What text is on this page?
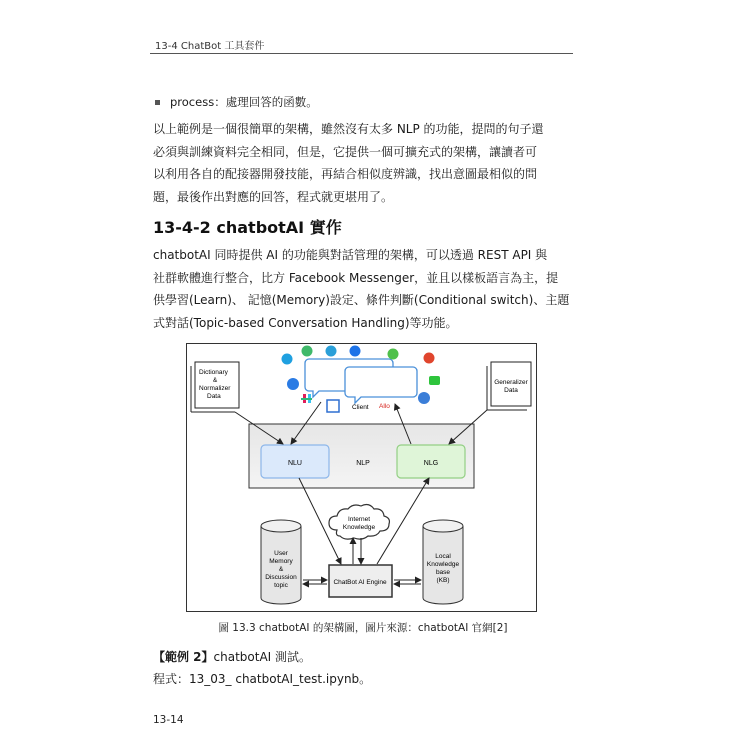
13-4 ChatBot 工具套件
process：處理回答的函數。
以上範例是一個很簡單的架構，雖然沒有太多 NLP 的功能，提問的句子還
必須與訓練資料完全相同，但是，它提供一個可擴充式的架構，讓讀者可
以利用各自的配接器開發技能，再結合相似度辨識，找出意圖最相似的問
題，最後作出對應的回答，程式就更堪用了。
13-4-2 chatbotAI 實作
chatbotAI 同時提供 AI 的功能與對話管理的架構，可以透過 REST API 與
社群軟體進行整合，比方 Facebook Messenger，並且以樣板語言為主，提
供學習(Learn)、 記憶(Memory)設定、條件判斷(Conditional switch)、主題
式對話(Topic-based Conversation Handling)等功能。
Dictionary
&
Normalizer
Data
Generalizer
Data
Client Allo
NLU	NLP	NLG
Internet
Knowledge
User
Memory
&
Discussion
topic	ChatBot AI Engine
Local
Knowledge
base
(KB)
圖 13.3 chatbotAI 的架構圖，圖片來源：chatbotAI 官網[2]
【範例 2】chatbotAI 測試。
程式：13_03_ chatbotAI_test.ipynb。
13-14
